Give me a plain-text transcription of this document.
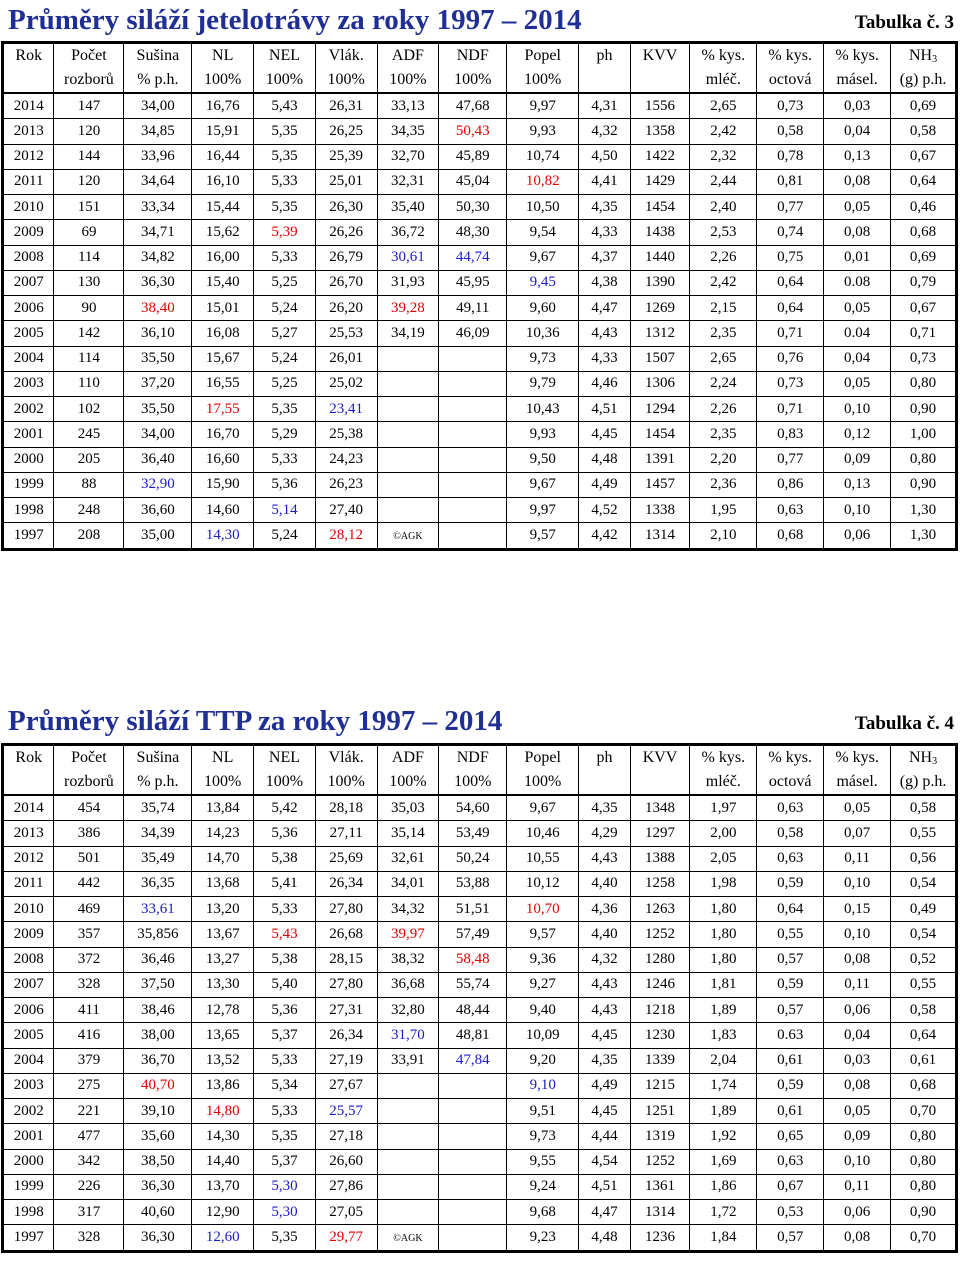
Průměry siláží jetelotrávy za roky 1997 – 2014	Tabulka č. 3
Rok	Počet	Sušina	NL	NEL	Vlák.	ADF	NDF	Popel	ph	KVV	% kys.	% kys.	% kys.	$NH_3$
	rozborů	% p.h.	100%	100%	100%	100%	100%	100%			mléč.	octová	másel.	(g) p.h.
2014	147	34,00	16,76	5,43	26,31	33,13	47,68	9,97	4,31	1556	2,65	0,73	0,03	0,69
2013	120	34,85	15,91	5,35	26,25	34,35	50,43	9,93	4,32	1358	2,42	0,58	0,04	0,58
2012	144	33,96	16,44	5,35	25,39	32,70	45,89	10,74	4,50	1422	2,32	0,78	0,13	0,67
2011	120	34,64	16,10	5,33	25,01	32,31	45,04	10,82	4,41	1429	2,44	0,81	0,08	0,64
2010	151	33,34	15,44	5,35	26,30	35,40	50,30	10,50	4,35	1454	2,40	0,77	0,05	0,46
2009	69	34,71	15,62	5,39	26,26	36,72	48,30	9,54	4,33	1438	2,53	0,74	0,08	0,68
2008	114	34,82	16,00	5,33	26,79	30,61	44,74	9,67	4,37	1440	2,26	0,75	0,01	0,69
2007	130	36,30	15,40	5,25	26,70	31,93	45,95	9,45	4,38	1390	2,42	0,64	0.08	0,79
2006	90	38,40	15,01	5,24	26,20	39,28	49,11	9,60	4,47	1269	2,15	0,64	0,05	0,67
2005	142	36,10	16,08	5,27	25,53	34,19	46,09	10,36	4,43	1312	2,35	0,71	0.04	0,71
2004	114	35,50	15,67	5,24	26,01			9,73	4,33	1507	2,65	0,76	0,04	0,73
2003	110	37,20	16,55	5,25	25,02			9,79	4,46	1306	2,24	0,73	0,05	0,80
2002	102	35,50	17,55	5,35	23,41			10,43	4,51	1294	2,26	0,71	0,10	0,90
2001	245	34,00	16,70	5,29	25,38			9,93	4,45	1454	2,35	0,83	0,12	1,00
2000	205	36,40	16,60	5,33	24,23			9,50	4,48	1391	2,20	0,77	0,09	0,80
1999	88	32,90	15,90	5,36	26,23			9,67	4,49	1457	2,36	0,86	0,13	0,90
1998	248	36,60	14,60	5,14	27,40			9,97	4,52	1338	1,95	0,63	0,10	1,30
1997	208	35,00	14,30	5,24	28,12	©AGK		9,57	4,42	1314	2,10	0,68	0,06	1,30
Průměry siláží TTP za roky 1997 – 2014	Tabulka č. 4
Rok	Počet	Sušina	NL	NEL	Vlák.	ADF	NDF	Popel	ph	KVV	% kys.	% kys.	% kys.	$NH_3$
	rozborů	% p.h.	100%	100%	100%	100%	100%	100%			mléč.	octová	másel.	(g) p.h.
2014	454	35,74	13,84	5,42	28,18	35,03	54,60	9,67	4,35	1348	1,97	0,63	0,05	0,58
2013	386	34,39	14,23	5,36	27,11	35,14	53,49	10,46	4,29	1297	2,00	0,58	0,07	0,55
2012	501	35,49	14,70	5,38	25,69	32,61	50,24	10,55	4,43	1388	2,05	0,63	0,11	0,56
2011	442	36,35	13,68	5,41	26,34	34,01	53,88	10,12	4,40	1258	1,98	0,59	0,10	0,54
2010	469	33,61	13,20	5,33	27,80	34,32	51,51	10,70	4,36	1263	1,80	0,64	0,15	0,49
2009	357	35,856	13,67	5,43	26,68	39,97	57,49	9,57	4,40	1252	1,80	0,55	0,10	0,54
2008	372	36,46	13,27	5,38	28,15	38,32	58,48	9,36	4,32	1280	1,80	0,57	0,08	0,52
2007	328	37,50	13,30	5,40	27,80	36,68	55,74	9,27	4,43	1246	1,81	0,59	0,11	0,55
2006	411	38,46	12,78	5,36	27,31	32,80	48,44	9,40	4,43	1218	1,89	0,57	0,06	0,58
2005	416	38,00	13,65	5,37	26,34	31,70	48,81	10,09	4,45	1230	1,83	0.63	0,04	0,64
2004	379	36,70	13,52	5,33	27,19	33,91	47,84	9,20	4,35	1339	2,04	0,61	0,03	0,61
2003	275	40,70	13,86	5,34	27,67			9,10	4,49	1215	1,74	0,59	0,08	0,68
2002	221	39,10	14,80	5,33	25,57			9,51	4,45	1251	1,89	0,61	0,05	0,70
2001	477	35,60	14,30	5,35	27,18			9,73	4,44	1319	1,92	0,65	0,09	0,80
2000	342	38,50	14,40	5,37	26,60			9,55	4,54	1252	1,69	0,63	0,10	0,80
1999	226	36,30	13,70	5,30	27,86			9,24	4,51	1361	1,86	0,67	0,11	0,80
1998	317	40,60	12,90	5,30	27,05			9,68	4,47	1314	1,72	0,53	0,06	0,90
1997	328	36,30	12,60	5,35	29,77	©AGK		9,23	4,48	1236	1,84	0,57	0,08	0,70
